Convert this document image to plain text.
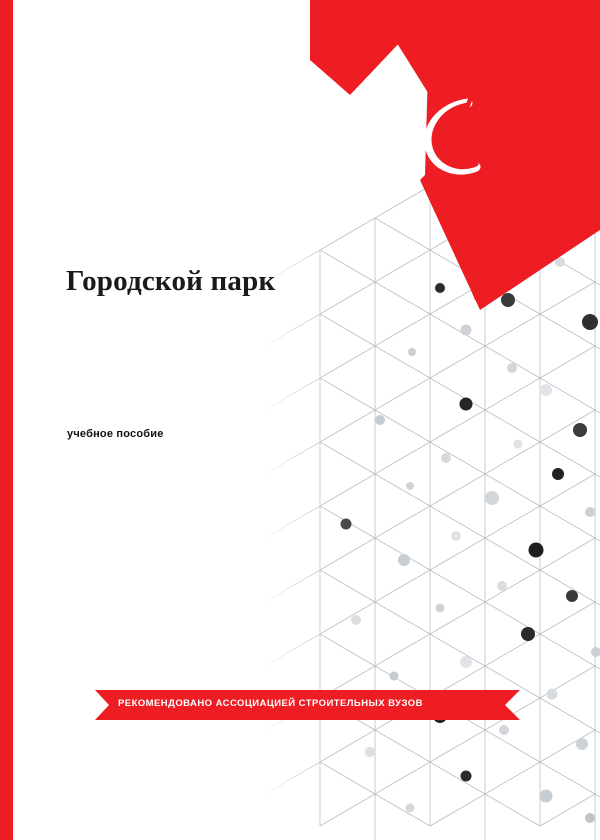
Городской парк
учебное пособие
РЕКОМЕНДОВАНО АССОЦИАЦИЕЙ СТРОИТЕЛЬНЫХ ВУЗОВ
